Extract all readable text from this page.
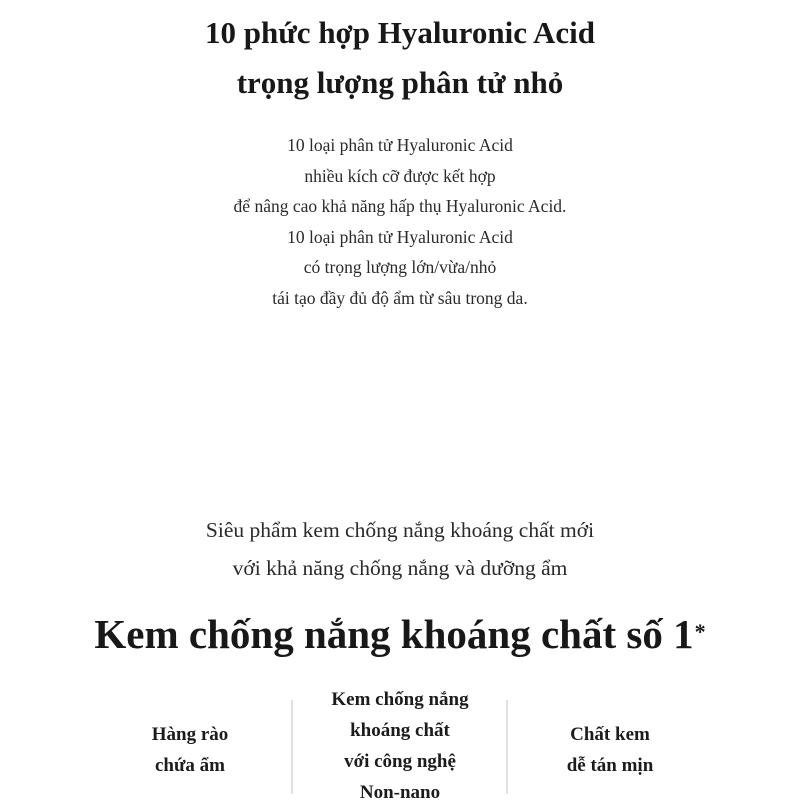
10 phức hợp Hyaluronic Acid
trọng lượng phân tử nhỏ
10 loại phân tử Hyaluronic Acid
nhiều kích cỡ được kết hợp
để nâng cao khả năng hấp thụ Hyaluronic Acid.
10 loại phân tử Hyaluronic Acid
có trọng lượng lớn/vừa/nhỏ
tái tạo đầy đủ độ ẩm từ sâu trong da.
Siêu phẩm kem chống nắng khoáng chất mới
với khả năng chống nắng và dưỡng ẩm
Kem chống nắng khoáng chất số 1*
Hàng rào
chứa ẩm
Kem chống nắng
khoáng chất
với công nghệ
Non-nano
Chất kem
dễ tán mịn
